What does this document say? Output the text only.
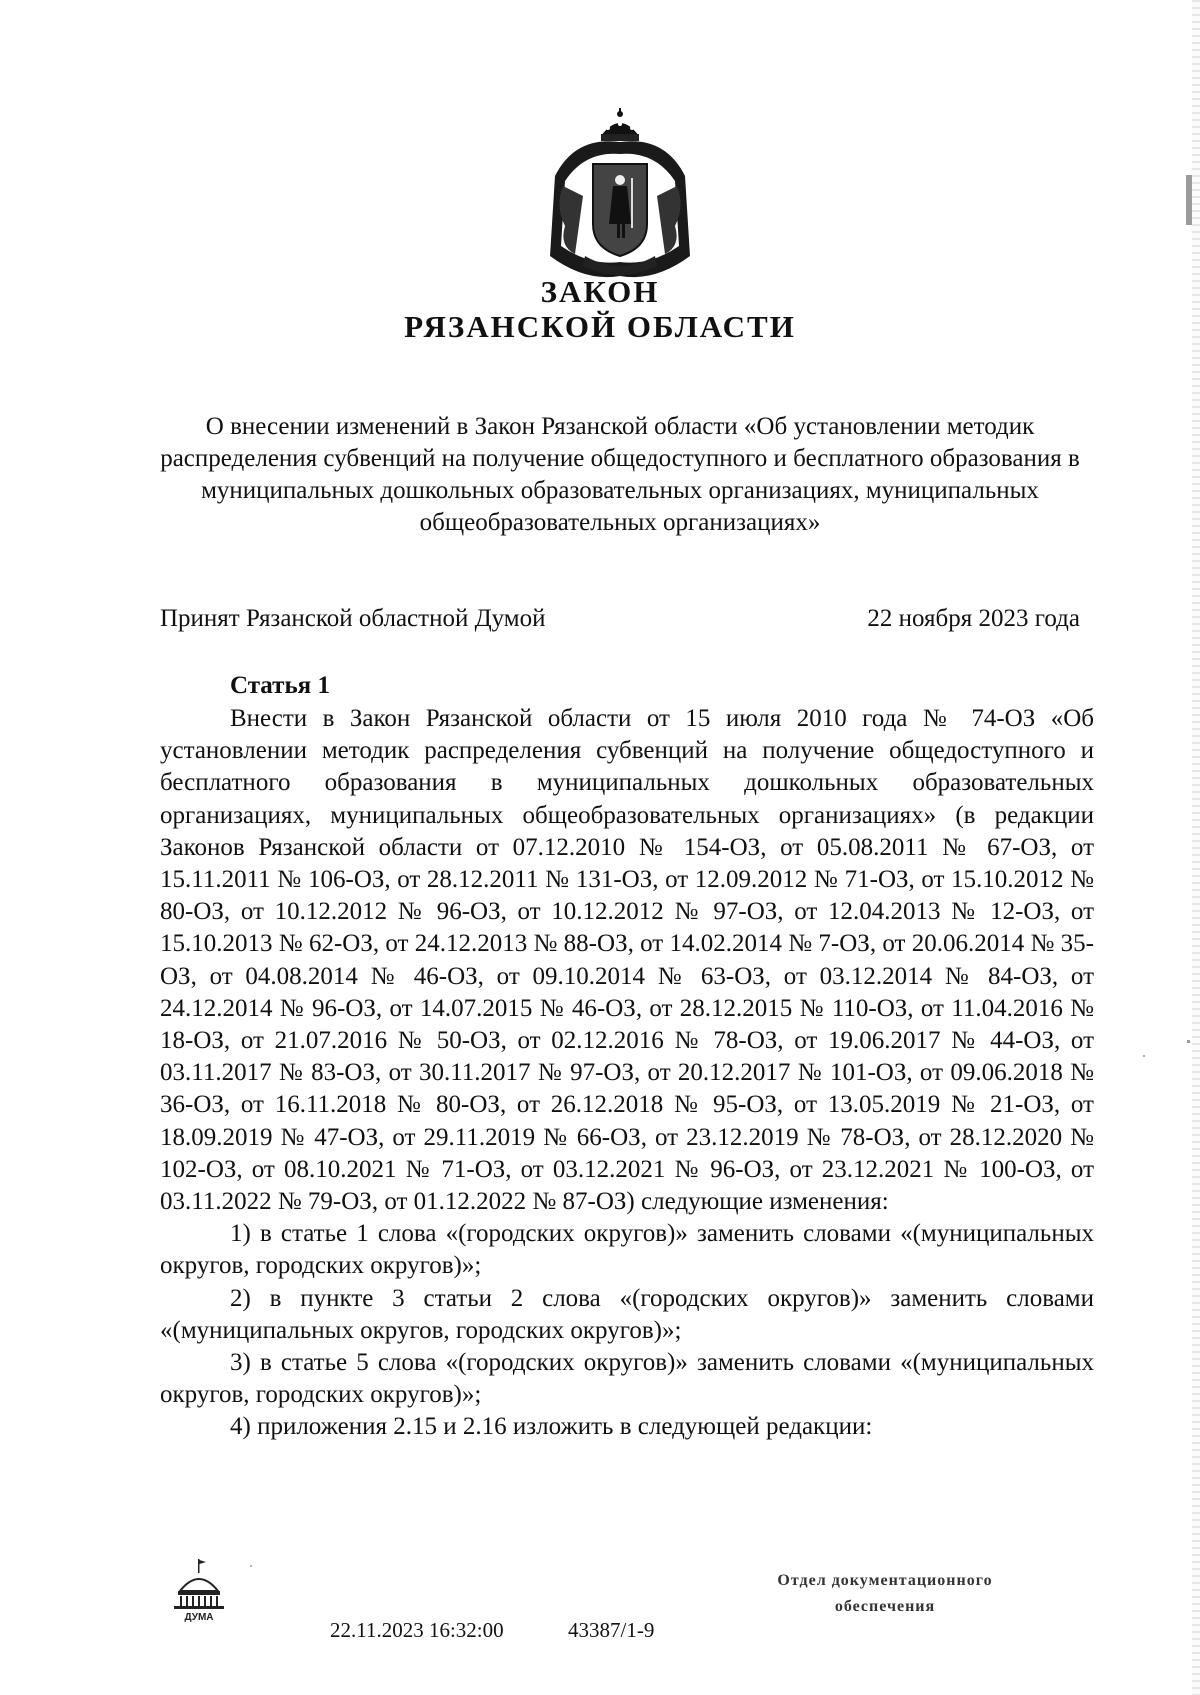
ЗАКОН
РЯЗАНСКОЙ ОБЛАСТИ
О внесении изменений в Закон Рязанской области «Об установлении методик распределения субвенций на получение общедоступного и бесплатного образования в муниципальных дошкольных образовательных организациях, муниципальных общеобразовательных организациях»
Принят Рязанской областной Думой	22 ноября 2023 года
Статья 1

Внести в Закон Рязанской области от 15 июля 2010 года № 74-ОЗ «Об установлении методик распределения субвенций на получение общедоступного и бесплатного образования в муниципальных дошкольных образовательных организациях, муниципальных общеобразовательных организациях» (в редакции Законов Рязанской области от 07.12.2010 № 154-ОЗ, от 05.08.2011 № 67-ОЗ, от 15.11.2011 № 106-ОЗ, от 28.12.2011 № 131-ОЗ, от 12.09.2012 № 71-ОЗ, от 15.10.2012 № 80-ОЗ, от 10.12.2012 № 96-ОЗ, от 10.12.2012 № 97-ОЗ, от 12.04.2013 № 12-ОЗ, от 15.10.2013 № 62-ОЗ, от 24.12.2013 № 88-ОЗ, от 14.02.2014 № 7-ОЗ, от 20.06.2014 № 35-ОЗ, от 04.08.2014 № 46-ОЗ, от 09.10.2014 № 63-ОЗ, от 03.12.2014 № 84-ОЗ, от 24.12.2014 № 96-ОЗ, от 14.07.2015 № 46-ОЗ, от 28.12.2015 № 110-ОЗ, от 11.04.2016 № 18-ОЗ, от 21.07.2016 № 50-ОЗ, от 02.12.2016 № 78-ОЗ, от 19.06.2017 № 44-ОЗ, от 03.11.2017 № 83-ОЗ, от 30.11.2017 № 97-ОЗ, от 20.12.2017 № 101-ОЗ, от 09.06.2018 № 36-ОЗ, от 16.11.2018 № 80-ОЗ, от 26.12.2018 № 95-ОЗ, от 13.05.2019 № 21-ОЗ, от 18.09.2019 № 47-ОЗ, от 29.11.2019 № 66-ОЗ, от 23.12.2019 № 78-ОЗ, от 28.12.2020 № 102-ОЗ, от 08.10.2021 № 71-ОЗ, от 03.12.2021 № 96-ОЗ, от 23.12.2021 № 100-ОЗ, от 03.11.2022 № 79-ОЗ, от 01.12.2022 № 87-ОЗ) следующие изменения:

1) в статье 1 слова «(городских округов)» заменить словами «(муниципальных округов, городских округов)»;

2) в пункте 3 статьи 2 слова «(городских округов)» заменить словами «(муниципальных округов, городских округов)»;

3) в статье 5 слова «(городских округов)» заменить словами «(муниципальных округов, городских округов)»;

4) приложения 2.15 и 2.16 изложить в следующей редакции:

ДУМА
22.11.2023 16:32:00	43387/1-9
Отдел документационного
обеспечения
